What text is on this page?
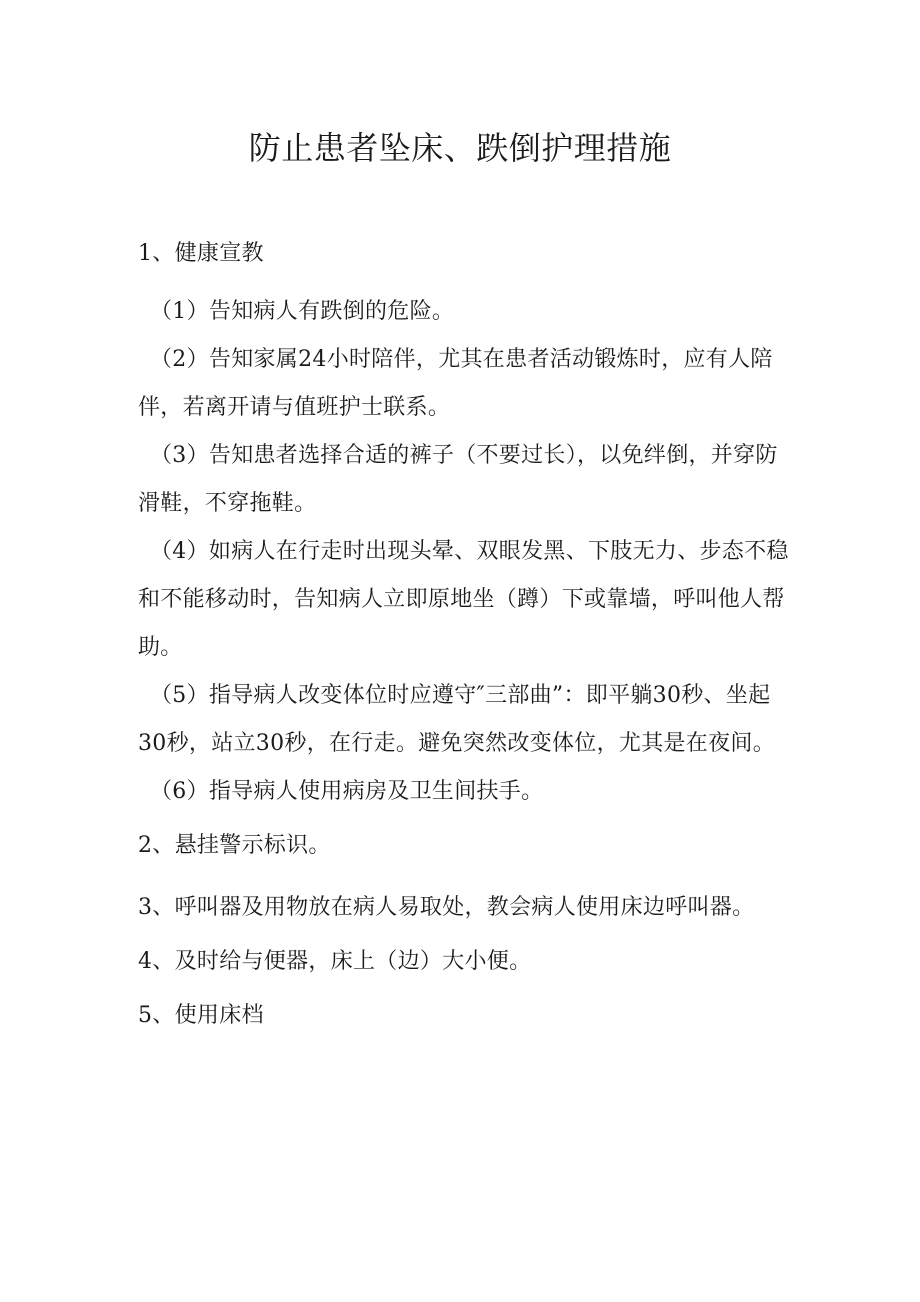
防止患者坠床、跌倒护理措施

1、健康宣教

（1）告知病人有跌倒的危险。

（2）告知家属24小时陪伴，尤其在患者活动锻炼时，应有人陪伴，若离开请与值班护士联系。

（3）告知患者选择合适的裤子（不要过长），以免绊倒，并穿防滑鞋，不穿拖鞋。

（4）如病人在行走时出现头晕、双眼发黑、下肢无力、步态不稳和不能移动时，告知病人立即原地坐（蹲）下或靠墙，呼叫他人帮助。

（5）指导病人改变体位时应遵守″三部曲”：即平躺30秒、坐起30秒，站立30秒，在行走。避免突然改变体位，尤其是在夜间。

（6）指导病人使用病房及卫生间扶手。

2、悬挂警示标识。

3、呼叫器及用物放在病人易取处，教会病人使用床边呼叫器。

4、及时给与便器，床上（边）大小便。

5、使用床档
